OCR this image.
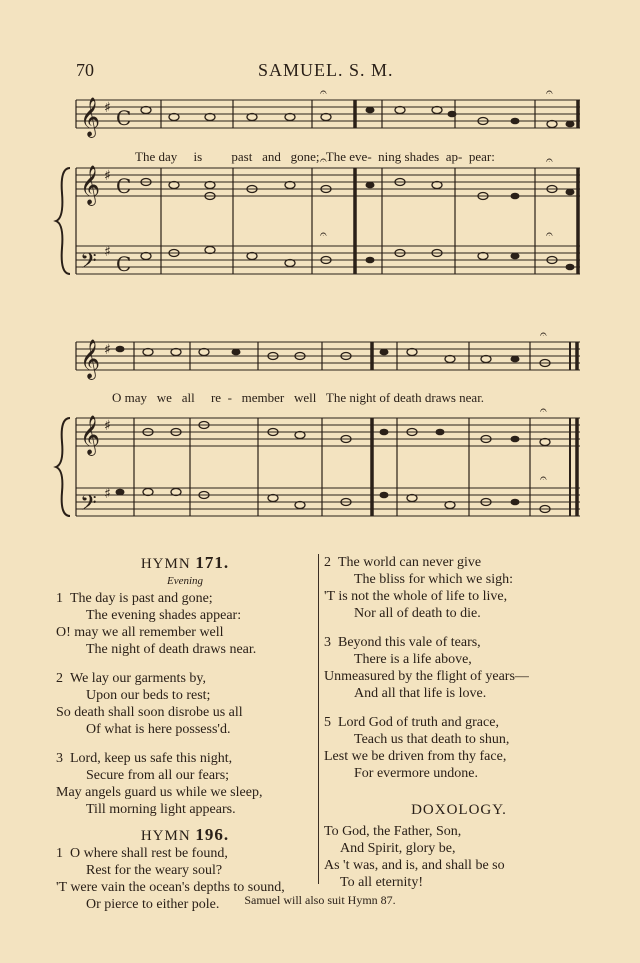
70	SAMUEL. S. M.
𝄞
𝄞
𝄢
♯
♯
♯
C
C
C
𝄐	𝄐
𝄐	𝄐
𝄐	𝄐
The day is past and gone; The eve- ning shades ap- pear:
𝄞
𝄞
𝄢
♯
♯
♯
𝄐
𝄐
𝄐
O may we all re - member well The night of death draws near.
HYMN 171.
Evening
1 The day is past and gone;
The evening shades appear:
O! may we all remember well
The night of death draws near.
2 We lay our garments by,
Upon our beds to rest;
So death shall soon disrobe us all
Of what is here possess'd.
3 Lord, keep us safe this night,
Secure from all our fears;
May angels guard us while we sleep,
Till morning light appears.
HYMN 196.
1 O where shall rest be found,
Rest for the weary soul?
'T were vain the ocean's depths to sound,
Or pierce to either pole.
2 The world can never give
The bliss for which we sigh:
'T is not the whole of life to live,
Nor all of death to die.
3 Beyond this vale of tears,
There is a life above,
Unmeasured by the flight of years—
And all that life is love.
5 Lord God of truth and grace,
Teach us that death to shun,
Lest we be driven from thy face,
For evermore undone.
DOXOLOGY.
To God, the Father, Son,
And Spirit, glory be,
As 't was, and is, and shall be so
To all eternity!
Samuel will also suit Hymn 87.
